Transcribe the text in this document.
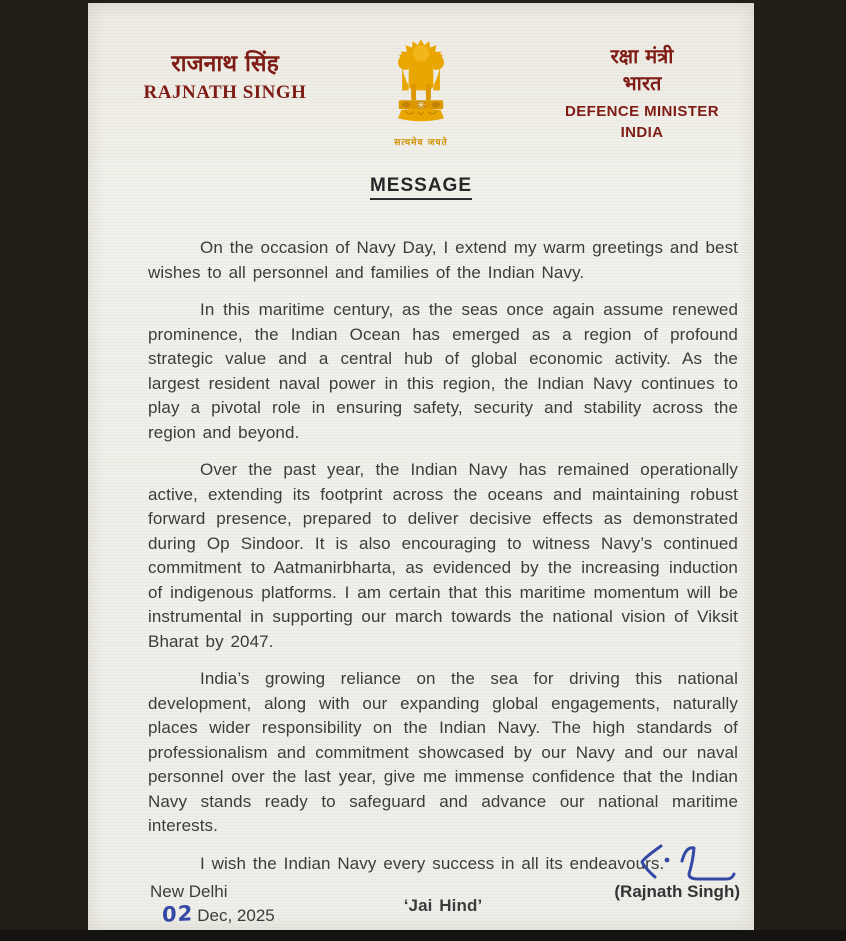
राजनाथ सिंह
RAJNATH SINGH
सत्यमेव जयते
रक्षा मंत्री
भारत
DEFENCE MINISTER
INDIA
MESSAGE

On the occasion of Navy Day, I extend my warm greetings and best wishes to all personnel and families of the Indian Navy.

In this maritime century, as the seas once again assume renewed prominence, the Indian Ocean has emerged as a region of profound strategic value and a central hub of global economic activity. As the largest resident naval power in this region, the Indian Navy continues to play a pivotal role in ensuring safety, security and stability across the region and beyond.

Over the past year, the Indian Navy has remained operationally active, extending its footprint across the oceans and maintaining robust forward presence, prepared to deliver decisive effects as demonstrated during Op Sindoor. It is also encouraging to witness Navy’s continued commitment to Aatmanirbharta, as evidenced by the increasing induction of indigenous platforms. I am certain that this maritime momentum will be instrumental in supporting our march towards the national vision of Viksit Bharat by 2047.

India’s growing reliance on the sea for driving this national development, along with our expanding global engagements, naturally places wider responsibility on the Indian Navy. The high standards of professionalism and commitment showcased by our Navy and our naval personnel over the last year, give me immense confidence that the Indian Navy stands ready to safeguard and advance our national maritime interests.

I wish the Indian Navy every success in all its endeavours.

‘Jai Hind’

(Rajnath Singh)
New Delhi
02 Dec, 2025
